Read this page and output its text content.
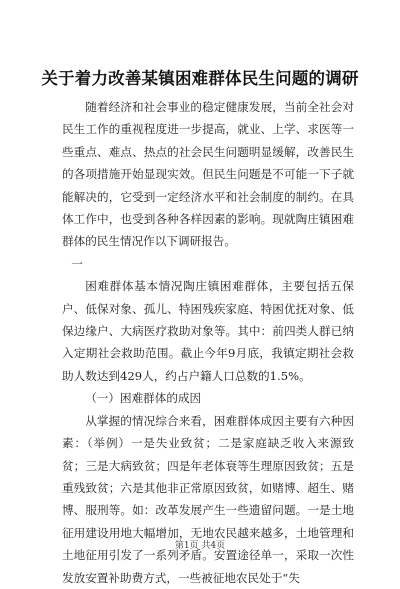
关于着力改善某镇困难群体民生问题的调研

随着经济和社会事业的稳定健康发展，当前全社会对民生工作的重视程度进一步提高，就业、上学、求医等一些重点、难点、热点的社会民生问题明显缓解，改善民生的各项措施开始显现实效。但民生问题是不可能一下子就能解决的，它受到一定经济水平和社会制度的制约。在具体工作中，也受到各种各样因素的影响。现就陶庄镇困难群体的民生情况作以下调研报告。

一

困难群体基本情况陶庄镇困难群体，主要包括五保户、低保对象、孤儿、特困残疾家庭、特困优抚对象、低保边缘户、大病医疗救助对象等。其中：前四类人群已纳入定期社会救助范围。截止今年9月底，我镇定期社会救助人数达到429人，约占户籍人口总数的1.5%。

（一）困难群体的成因

从掌握的情况综合来看，困难群体成因主要有六种因素：（举例）一是失业致贫；二是家庭缺乏收入来源致贫；三是大病致贫；四是年老体衰等生理原因致贫；五是重残致贫；六是其他非正常原因致贫，如赌博、超生、赌博、服刑等。如：改革发展产生一些遗留问题。一是土地征用建设用地大幅增加，无地农民越来越多，土地管理和土地征用引发了一系列矛盾。安置途径单一，采取一次性发放安置补助费方式，一些被征地农民处于“失

第1页 共4页
